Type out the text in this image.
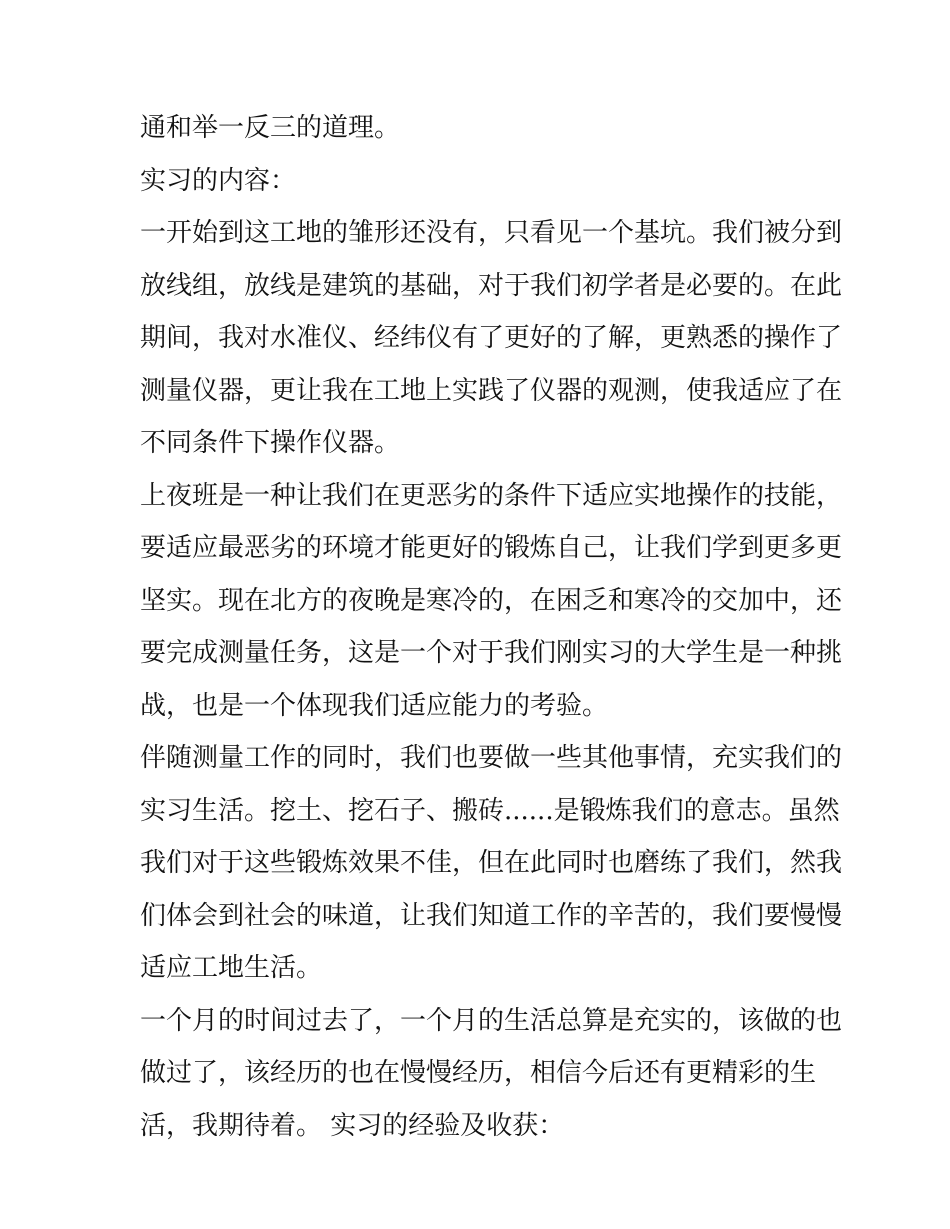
通和举一反三的道理。
实习的内容：
一开始到这工地的雏形还没有，只看见一个基坑。我们被分到
放线组，放线是建筑的基础，对于我们初学者是必要的。在此
期间，我对水准仪、经纬仪有了更好的了解，更熟悉的操作了
测量仪器，更让我在工地上实践了仪器的观测，使我适应了在
不同条件下操作仪器。
上夜班是一种让我们在更恶劣的条件下适应实地操作的技能，
要适应最恶劣的环境才能更好的锻炼自己，让我们学到更多更
坚实。现在北方的夜晚是寒冷的，在困乏和寒冷的交加中，还
要完成测量任务，这是一个对于我们刚实习的大学生是一种挑
战，也是一个体现我们适应能力的考验。
伴随测量工作的同时，我们也要做一些其他事情，充实我们的
实习生活。挖土、挖石子、搬砖......是锻炼我们的意志。虽然
我们对于这些锻炼效果不佳，但在此同时也磨练了我们，然我
们体会到社会的味道，让我们知道工作的辛苦的，我们要慢慢
适应工地生活。
一个月的时间过去了，一个月的生活总算是充实的，该做的也
做过了，该经历的也在慢慢经历，相信今后还有更精彩的生
活，我期待着。 实习的经验及收获：
